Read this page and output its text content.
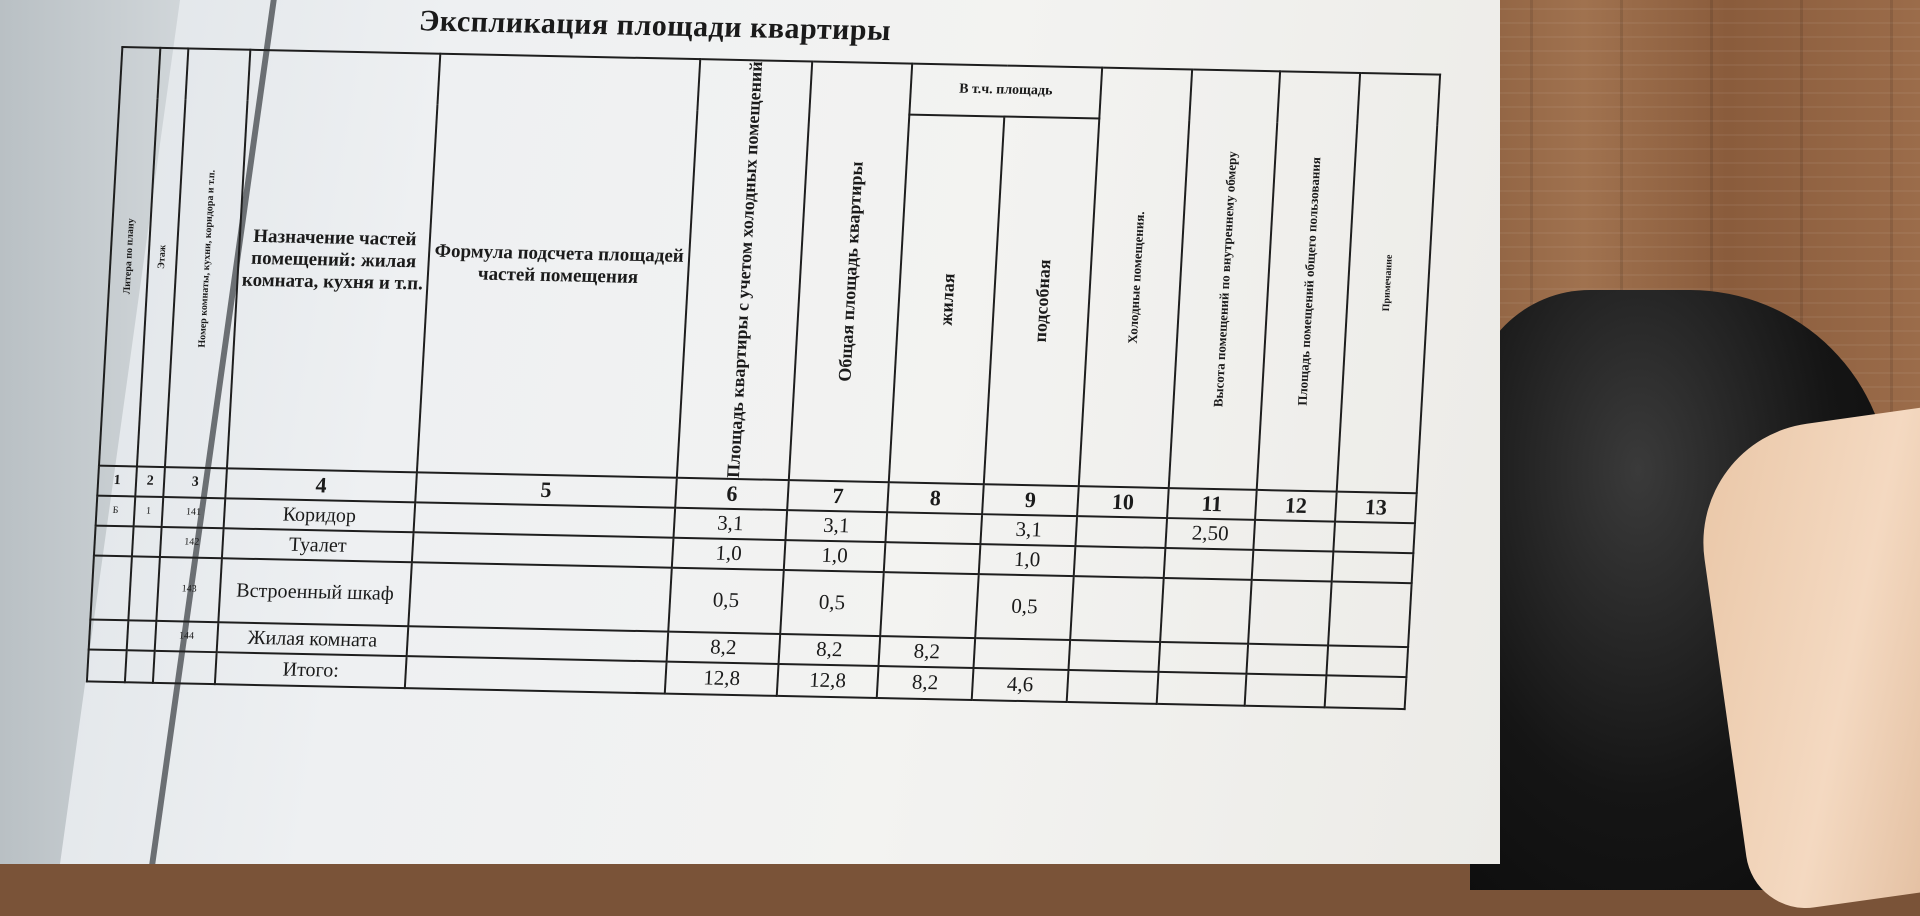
Экспликация площади квартиры
Литера по плану	Этаж	Номер комнаты, кухни, коридора и т.п.	Назначение частей помещений: жилая комната, кухня и т.п.	Формула подсчета площадей частей помещения	Площадь квартиры с учетом холодных помещений	Общая площадь квартиры	В т.ч. площадь		Холодные помещения.	Высота помещений по внутреннему обмеру	Площадь помещений общего пользования	Примечание

							жилая	подсобная				

1	2	3	4	5	6	7	8	9	10	11	12	13
Б	1	141	Коридор		3,1	3,1		3,1		2,50		
		142	Туалет		1,0	1,0		1,0				
		143	Встроенный шкаф		0,5	0,5		0,5				
		144	Жилая комната		8,2	8,2	8,2					
			Итого:		12,8	12,8	8,2	4,6				
